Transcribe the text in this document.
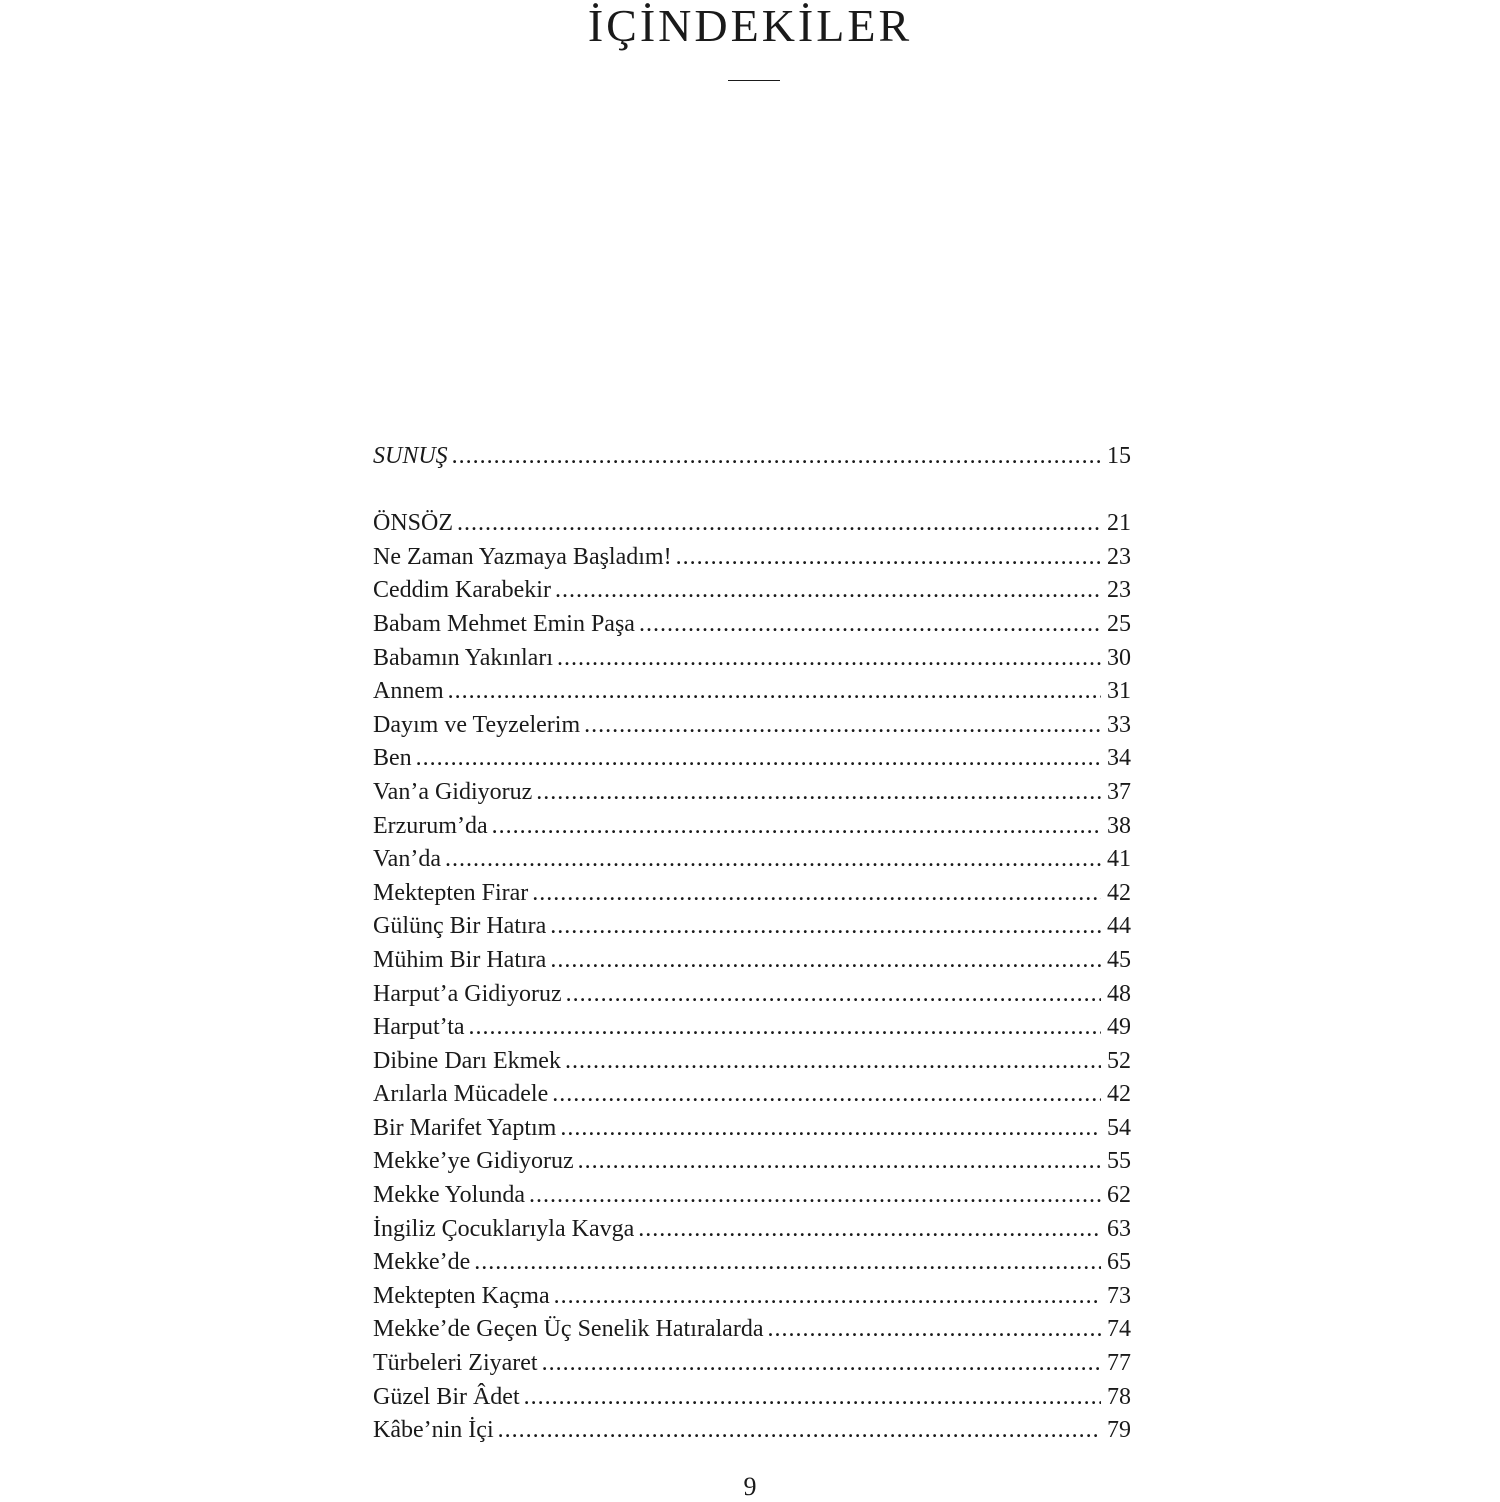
İÇİNDEKİLER
SUNUŞ .....	15
ÖNSÖZ .....	21
Ne Zaman Yazmaya Başladım! .....	23
Ceddim Karabekir .....	23
Babam Mehmet Emin Paşa .....	25
Babamın Yakınları .....	30
Annem .....	31
Dayım ve Teyzelerim .....	33
Ben .....	34
Van’a Gidiyoruz .....	37
Erzurum’da .....	38
Van’da .....	41
Mektepten Firar .....	42
Gülünç Bir Hatıra .....	44
Mühim Bir Hatıra .....	45
Harput’a Gidiyoruz .....	48
Harput’ta .....	49
Dibine Darı Ekmek .....	52
Arılarla Mücadele .....	42
Bir Marifet Yaptım .....	54
Mekke’ye Gidiyoruz .....	55
Mekke Yolunda .....	62
İngiliz Çocuklarıyla Kavga .....	63
Mekke’de .....	65
Mektepten Kaçma .....	73
Mekke’de Geçen Üç Senelik Hatıralarda .....	74
Türbeleri Ziyaret .....	77
Güzel Bir Âdet .....	78
Kâbe’nin İçi .....	79
9
